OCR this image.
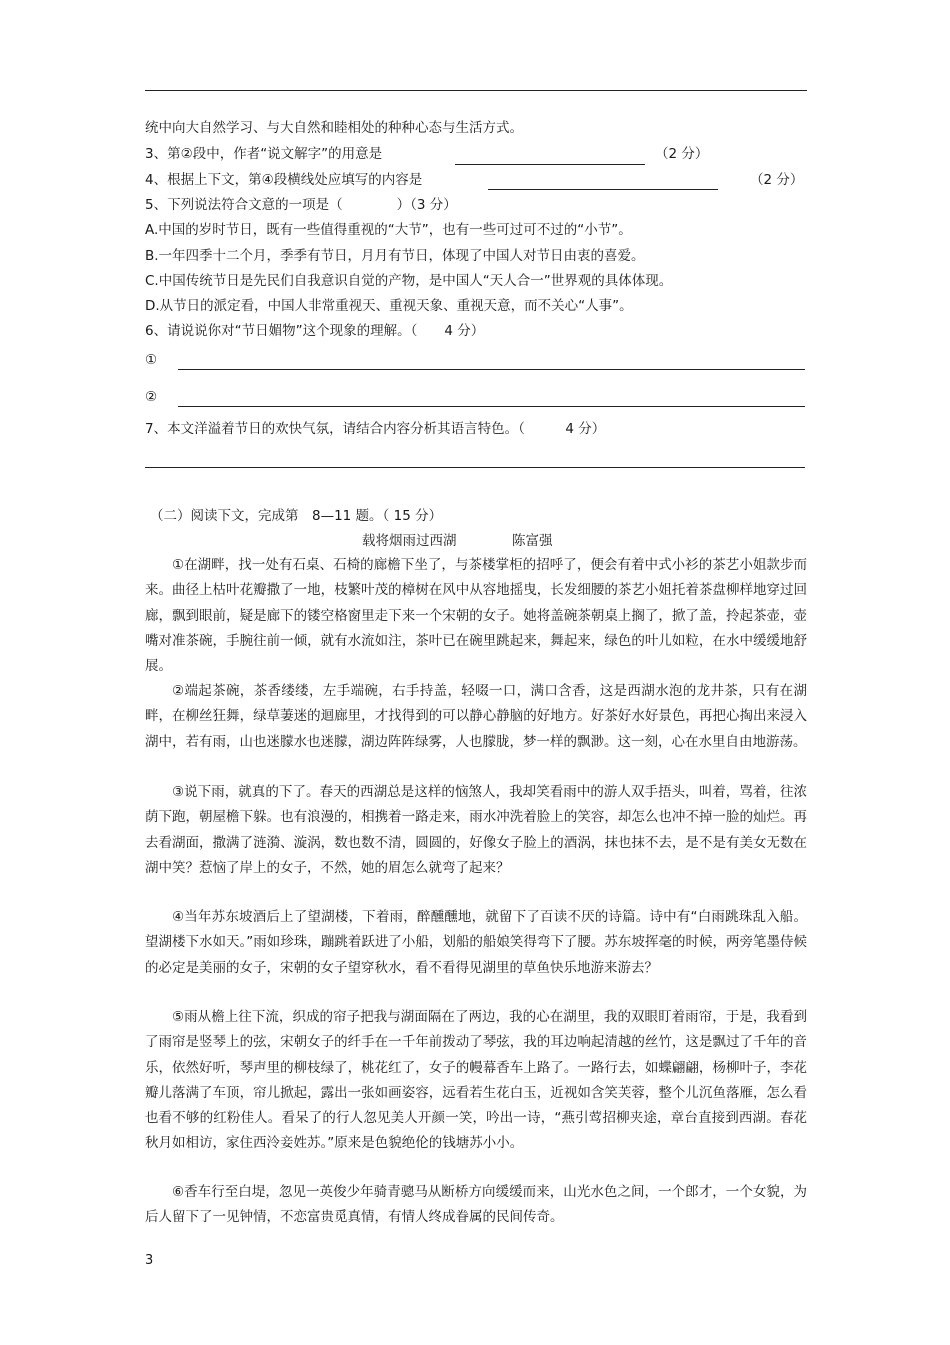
统中向大自然学习、与大自然和睦相处的种种心态与生活方式。
3、第②段中，作者“说文解字”的用意是	（2 分）
4、根据上下文，第④段横线处应填写的内容是	（2 分）
5、下列说法符合文意的一项是（　　　　）（3 分）
A.中国的岁时节日，既有一些值得重视的“大节”，也有一些可过可不过的“小节”。
B.一年四季十二个月，季季有节日，月月有节日，体现了中国人对节日由衷的喜爱。
C.中国传统节日是先民们自我意识自觉的产物，是中国人“天人合一”世界观的具体体现。
D.从节日的派定看，中国人非常重视天、重视天象、重视天意，而不关心“人事”。
6、请说说你对“节日媚物”这个现象的理解。（　　4 分）
①
②
7、本文洋溢着节日的欢快气氛，请结合内容分析其语言特色。（　　　4 分）
（二）阅读下文，完成第　8—11 题。（ 15 分）
载将烟雨过西湖	陈富强
①在湖畔，找一处有石桌、石椅的廊檐下坐了，与茶楼掌柜的招呼了，便会有着中式小衫的茶艺小姐款步而来。曲径上枯叶花瓣撒了一地，枝繁叶茂的樟树在风中从容地摇曳，长发细腰的茶艺小姐托着茶盘柳样地穿过回廊，飘到眼前，疑是廊下的镂空格窗里走下来一个宋朝的女子。她将盖碗茶朝桌上搁了，掀了盖，拎起茶壶，壶嘴对准茶碗，手腕往前一倾，就有水流如注，茶叶已在碗里跳起来，舞起来，绿色的叶儿如粒，在水中缓缓地舒展。
②端起茶碗，茶香缕缕，左手端碗，右手持盖，轻啜一口，满口含香，这是西湖水泡的龙井茶，只有在湖畔，在柳丝狂舞，绿草萋迷的迴廊里，才找得到的可以静心静脑的好地方。好茶好水好景色，再把心掏出来浸入湖中，若有雨，山也迷朦水也迷朦，湖边阵阵绿雾，人也朦胧，梦一样的飘渺。这一刻，心在水里自由地游荡。
③说下雨，就真的下了。春天的西湖总是这样的恼煞人，我却笑看雨中的游人双手捂头，叫着，骂着，往浓荫下跑，朝屋檐下躲。也有浪漫的，相携着一路走来，雨水冲洗着脸上的笑容，却怎么也冲不掉一脸的灿烂。再去看湖面，撒满了涟漪、漩涡，数也数不清，圆圆的，好像女子脸上的酒涡，抹也抹不去，是不是有美女无数在湖中笑？惹恼了岸上的女子，不然，她的眉怎么就弯了起来？
④当年苏东坡酒后上了望湖楼，下着雨，醉醺醺地，就留下了百读不厌的诗篇。诗中有“白雨跳珠乱入船。望湖楼下水如天。”雨如珍珠，蹦跳着跃进了小船，划船的船娘笑得弯下了腰。苏东坡挥毫的时候，两旁笔墨侍候的必定是美丽的女子，宋朝的女子望穿秋水，看不看得见湖里的草鱼快乐地游来游去？
⑤雨从檐上往下流，织成的帘子把我与湖面隔在了两边，我的心在湖里，我的双眼盯着雨帘，于是，我看到了雨帘是竖琴上的弦，宋朝女子的纤手在一千年前拨动了琴弦，我的耳边响起清越的丝竹，这是飘过了千年的音乐，依然好听，琴声里的柳枝绿了，桃花红了，女子的幔幕香车上路了。一路行去，如蝶翩翩，杨柳叶子，李花瓣儿落满了车顶，帘儿掀起，露出一张如画姿容，远看若生花白玉，近视如含笑芙蓉，整个儿沉鱼落雁，怎么看也看不够的红粉佳人。看呆了的行人忽见美人开颜一笑，吟出一诗，“燕引莺招柳夹途，章台直接到西湖。春花秋月如相访，家住西泠妾姓苏。”原来是色貌绝伦的钱塘苏小小。
⑥香车行至白堤，忽见一英俊少年骑青骢马从断桥方向缓缓而来，山光水色之间，一个郎才，一个女貌，为后人留下了一见钟情，不恋富贵觅真情，有情人终成眷属的民间传奇。
3
